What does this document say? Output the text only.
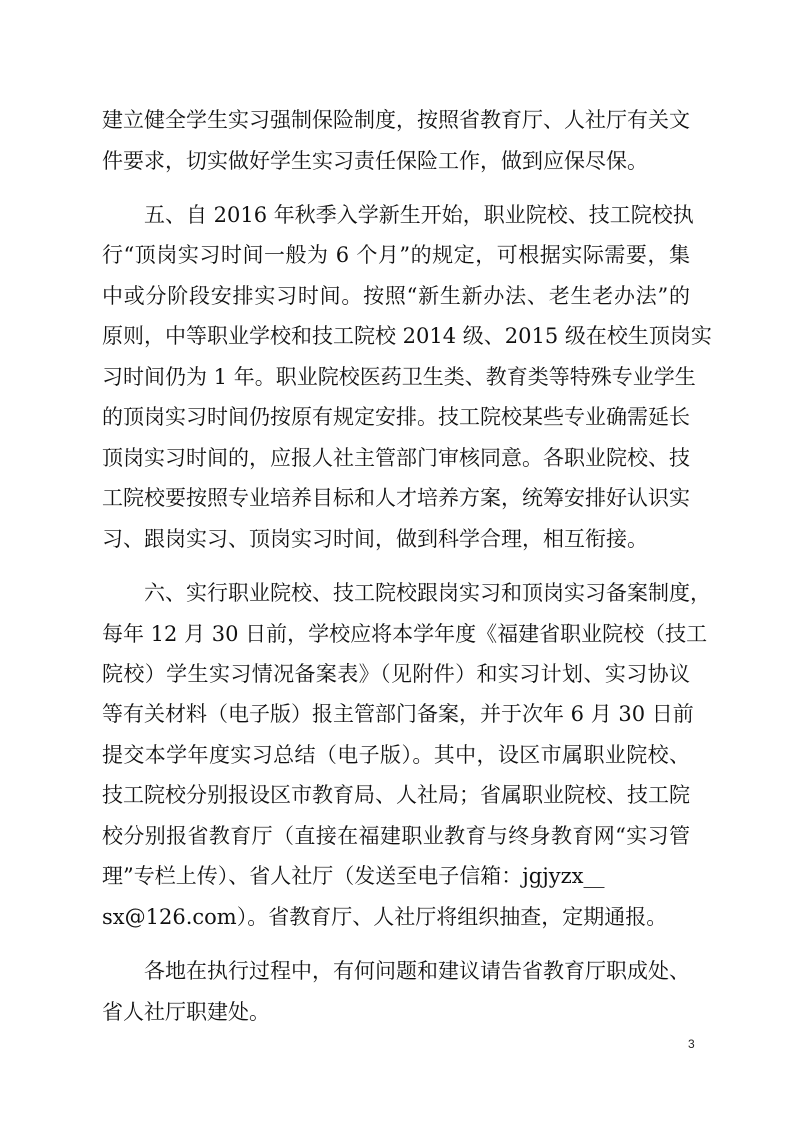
建立健全学生实习强制保险制度，按照省教育厅、人社厅有关文
件要求，切实做好学生实习责任保险工作，做到应保尽保。
五、自 2016 年秋季入学新生开始，职业院校、技工院校执
行“顶岗实习时间一般为 6 个月”的规定，可根据实际需要，集
中或分阶段安排实习时间。按照“新生新办法、老生老办法”的
原则，中等职业学校和技工院校 2014 级、2015 级在校生顶岗实
习时间仍为 1 年。职业院校医药卫生类、教育类等特殊专业学生
的顶岗实习时间仍按原有规定安排。技工院校某些专业确需延长
顶岗实习时间的，应报人社主管部门审核同意。各职业院校、技
工院校要按照专业培养目标和人才培养方案，统筹安排好认识实
习、跟岗实习、顶岗实习时间，做到科学合理，相互衔接。
六、实行职业院校、技工院校跟岗实习和顶岗实习备案制度，
每年 12 月 30 日前，学校应将本学年度《福建省职业院校（技工
院校）学生实习情况备案表》（见附件）和实习计划、实习协议
等有关材料（电子版）报主管部门备案，并于次年 6 月 30 日前
提交本学年度实习总结（电子版）。其中，设区市属职业院校、
技工院校分别报设区市教育局、人社局；省属职业院校、技工院
校分别报省教育厅（直接在福建职业教育与终身教育网“实习管
理”专栏上传）、省人社厅（发送至电子信箱：jgjyzx__
sx@126.com）。省教育厅、人社厅将组织抽查，定期通报。
各地在执行过程中，有何问题和建议请告省教育厅职成处、
省人社厅职建处。
3
